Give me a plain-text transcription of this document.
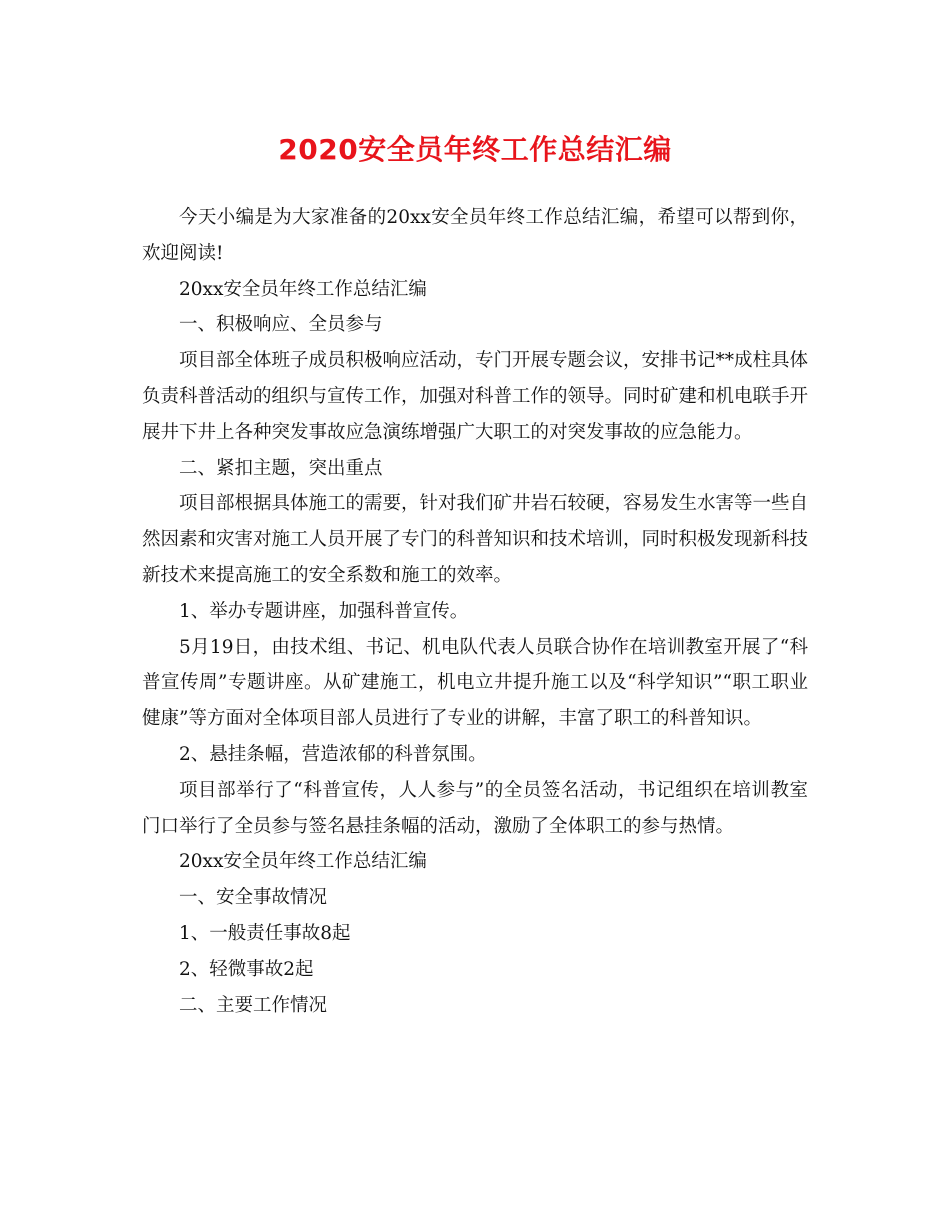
2020安全员年终工作总结汇编

今天小编是为大家准备的20xx安全员年终工作总结汇编，希望可以帮到你，欢迎阅读!

20xx安全员年终工作总结汇编

一、积极响应、全员参与

项目部全体班子成员积极响应活动，专门开展专题会议，安排书记**成柱具体负责科普活动的组织与宣传工作，加强对科普工作的领导。同时矿建和机电联手开展井下井上各种突发事故应急演练增强广大职工的对突发事故的应急能力。

二、紧扣主题，突出重点

项目部根据具体施工的需要，针对我们矿井岩石较硬，容易发生水害等一些自然因素和灾害对施工人员开展了专门的科普知识和技术培训，同时积极发现新科技新技术来提高施工的安全系数和施工的效率。

1、举办专题讲座，加强科普宣传。

5月19日，由技术组、书记、机电队代表人员联合协作在培训教室开展了“科普宣传周”专题讲座。从矿建施工，机电立井提升施工以及“科学知识”“职工职业健康”等方面对全体项目部人员进行了专业的讲解，丰富了职工的科普知识。

2、悬挂条幅，营造浓郁的科普氛围。

项目部举行了“科普宣传，人人参与”的全员签名活动，书记组织在培训教室门口举行了全员参与签名悬挂条幅的活动，激励了全体职工的参与热情。

20xx安全员年终工作总结汇编

一、安全事故情况

1、一般责任事故8起

2、轻微事故2起

二、主要工作情况
